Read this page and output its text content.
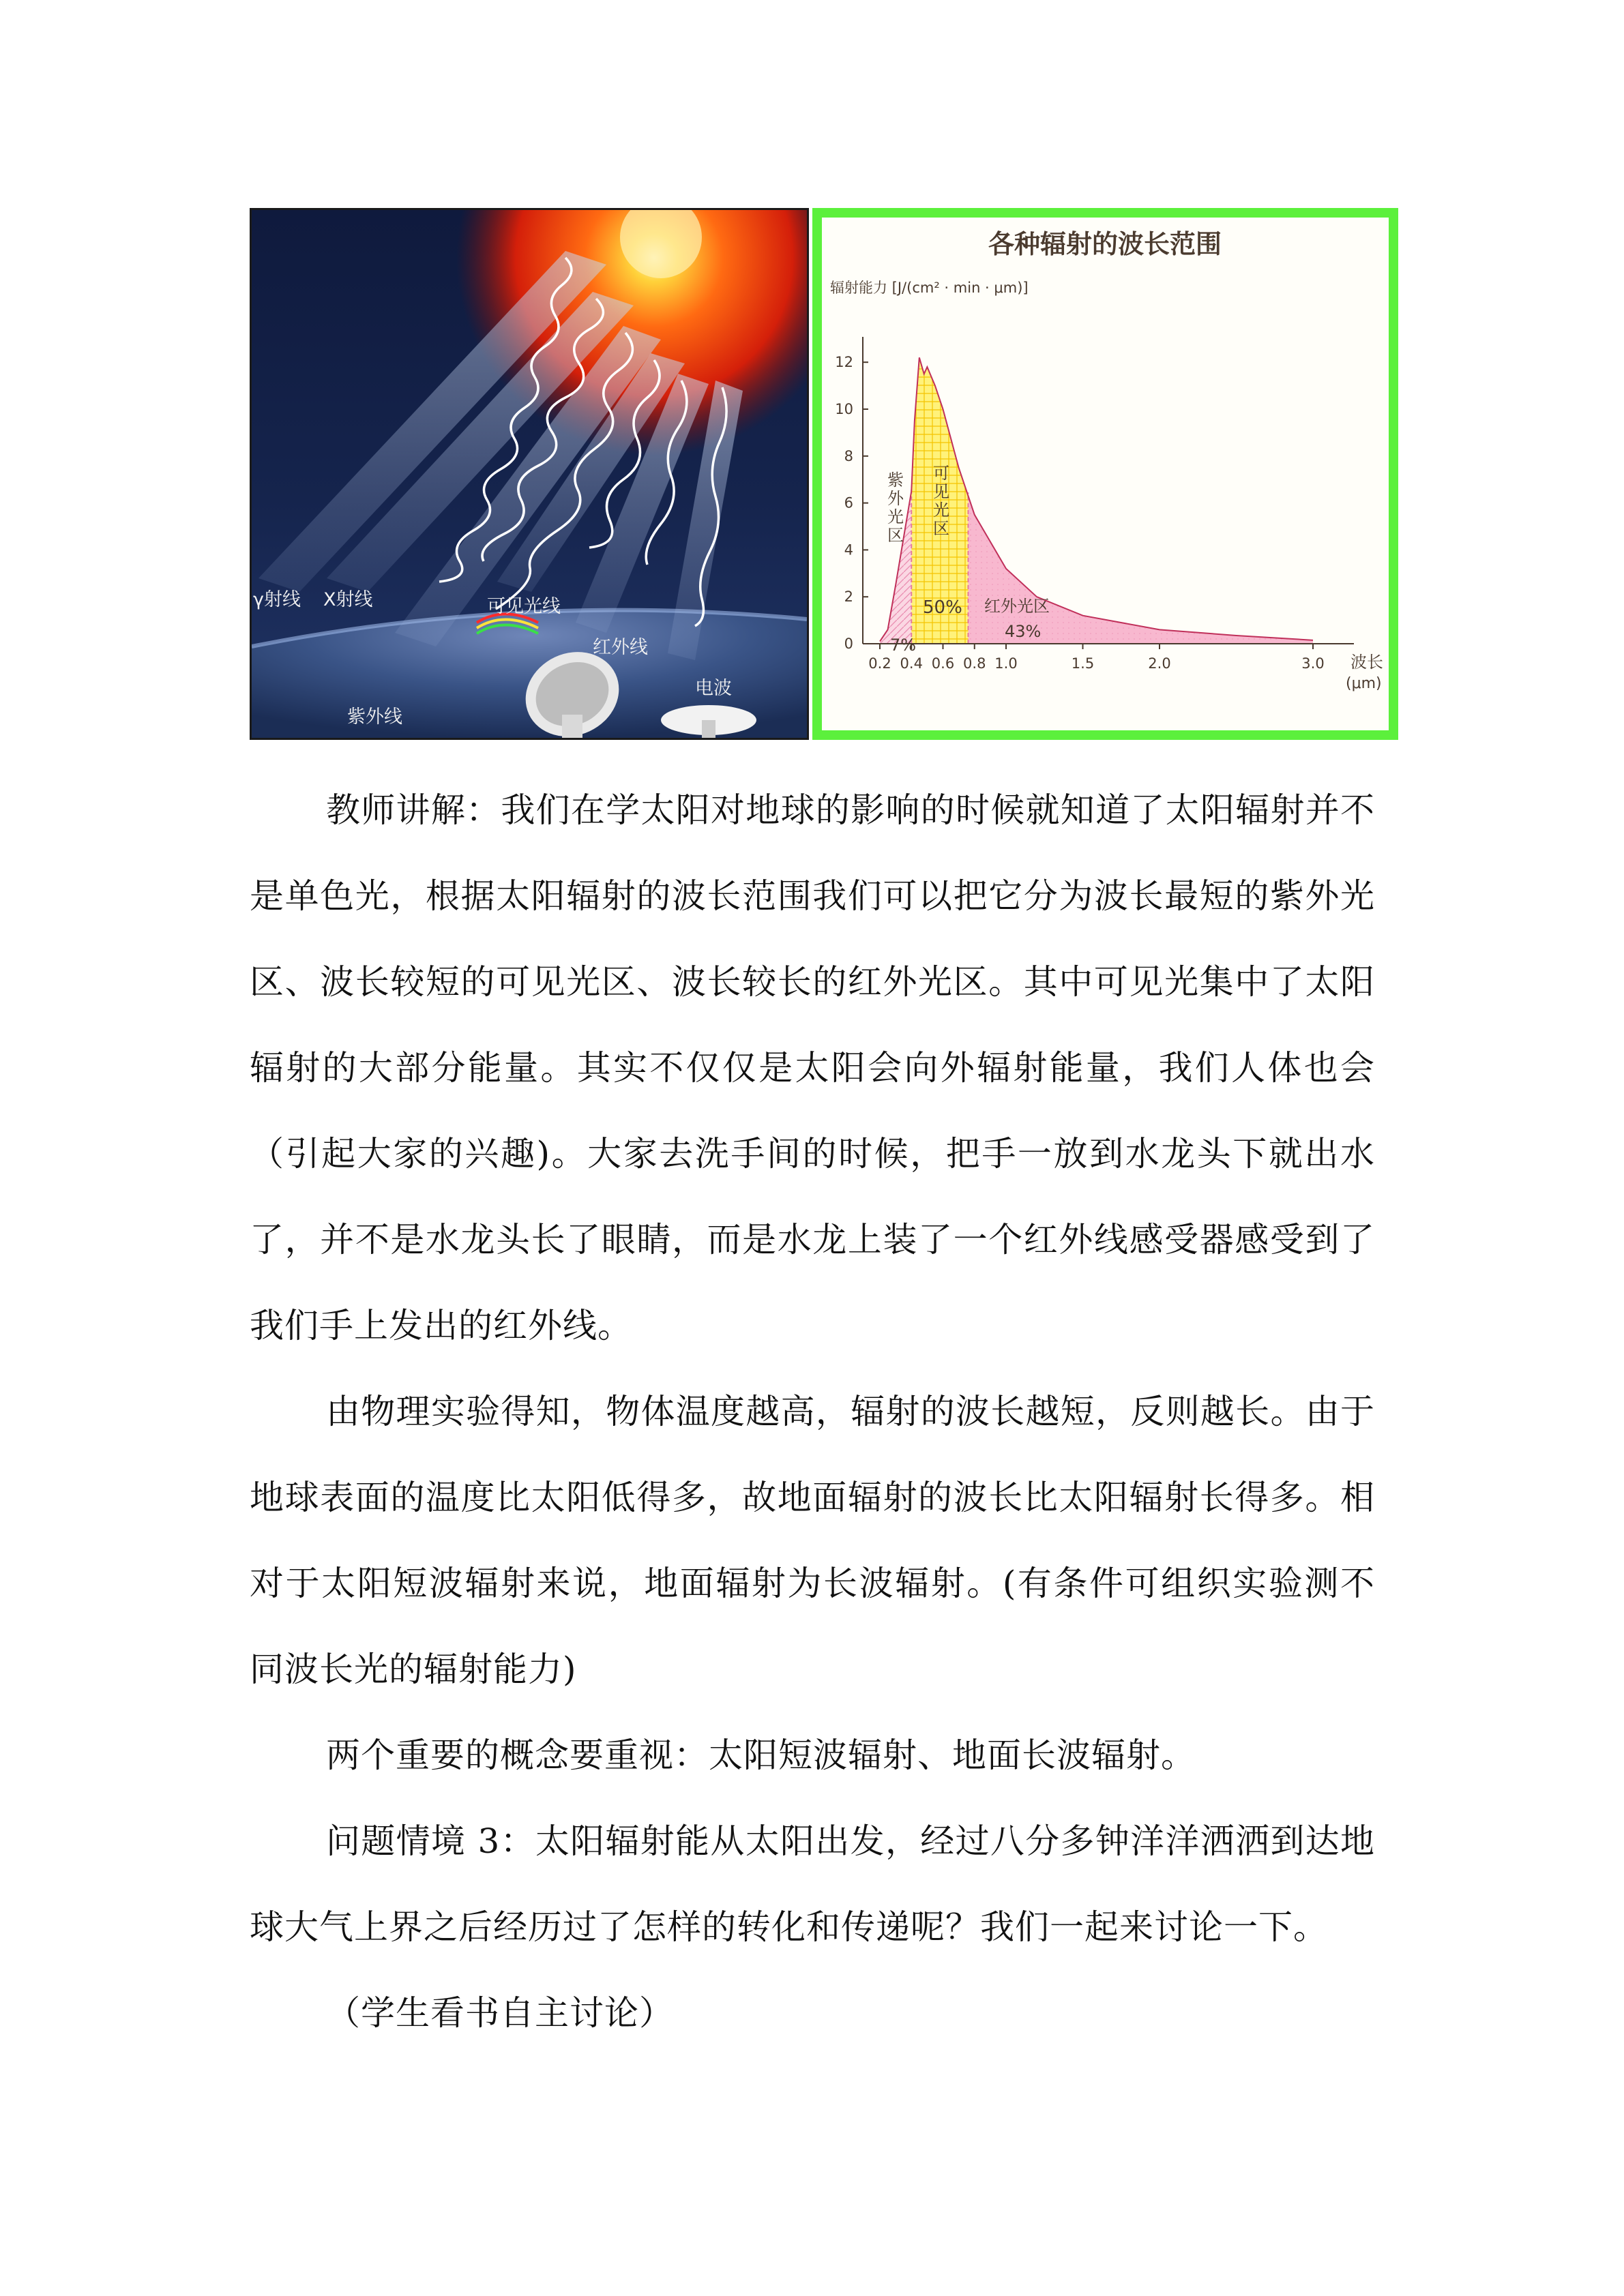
γ射线 X射线	可见光线
红外线
电波
紫外线
各种辐射的波长范围
辐射能力 [J/(cm² · min · μm)]
0
2
4
6
8
10
12
0.2 0.4 0.6 0.8 1.0	1.5	2.0	3.0 波长
(μm)
紫
外
光
区
7%
可
见
光
区
50% 红外光区
43%

教师讲解：我们在学太阳对地球的影响的时候就知道了太阳辐射并不是单色光，根据太阳辐射的波长范围我们可以把它分为波长最短的紫外光区、波长较短的可见光区、波长较长的红外光区。其中可见光集中了太阳辐射的大部分能量。其实不仅仅是太阳会向外辐射能量，我们人体也会（引起大家的兴趣)。大家去洗手间的时候，把手一放到水龙头下就出水了，并不是水龙头长了眼睛，而是水龙上装了一个红外线感受器感受到了我们手上发出的红外线。

由物理实验得知，物体温度越高，辐射的波长越短，反则越长。由于地球表面的温度比太阳低得多，故地面辐射的波长比太阳辐射长得多。相对于太阳短波辐射来说，地面辐射为长波辐射。(有条件可组织实验测不同波长光的辐射能力)

两个重要的概念要重视：太阳短波辐射、地面长波辐射。

问题情境 3：太阳辐射能从太阳出发，经过八分多钟洋洋洒洒到达地球大气上界之后经历过了怎样的转化和传递呢？我们一起来讨论一下。

（学生看书自主讨论）
